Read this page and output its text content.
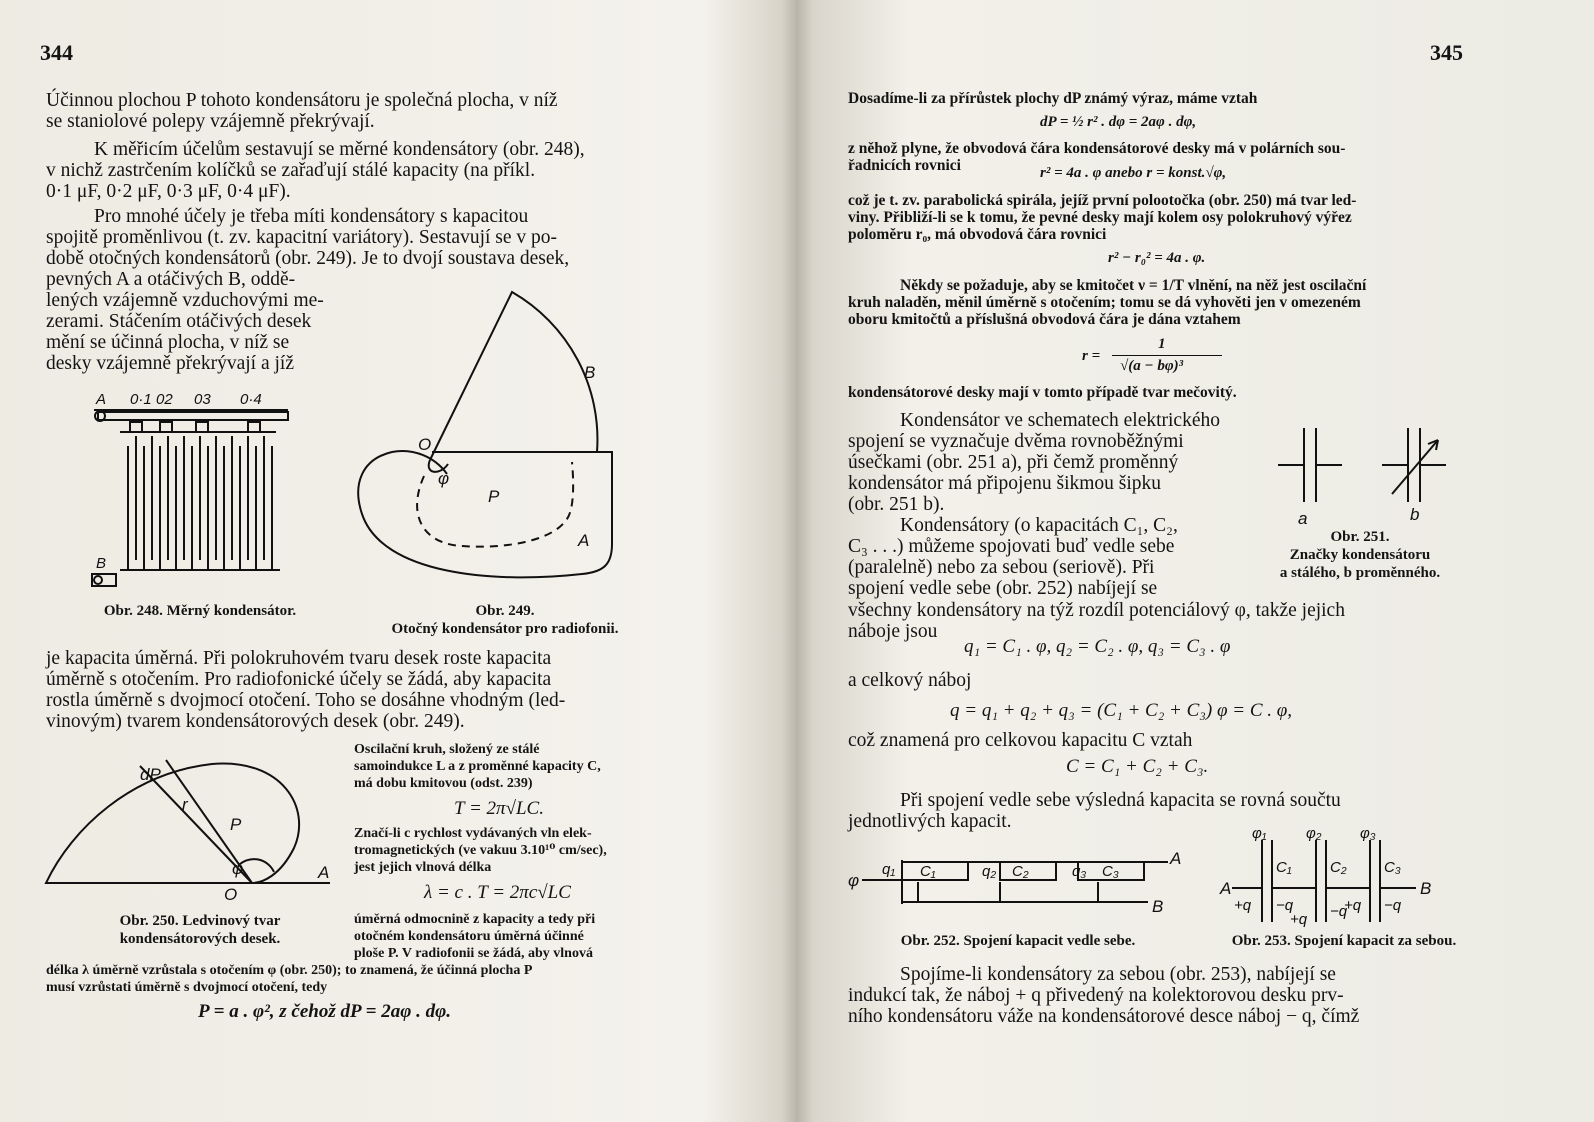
344
Účinnou plochou P tohoto kondensátoru je společná plocha, v níž
se staniolové polepy vzájemně překrývají.
K měřicím účelům sestavují se měrné kondensátory (obr. 248),
v nichž zastrčením kolíčků se zařaďují stálé kapacity (na příkl.
0·1 μF, 0·2 μF, 0·3 μF, 0·4 μF).
Pro mnohé účely je třeba míti kondensátory s kapacitou
spojitě proměnlivou (t. zv. kapacitní variátory). Sestavují se v po-
době otočných kondensátorů (obr. 249). Je to dvojí soustava desek,
pevných A a otáčivých B, oddě-
lených vzájemně vzduchovými me-
zerami. Stáčením otáčivých desek
mění se účinná plocha, v níž se
desky vzájemně překrývají a jíž
A 0·1 02 03 0·4
B
Obr. 248. Měrný kondensátor.
B
O
φ
P
A
Obr. 249.
Otočný kondensátor pro radiofonii.
je kapacita úměrná. Při polokruhovém tvaru desek roste kapacita
úměrně s otočením. Pro radiofonické účely se žádá, aby kapacita
rostla úměrně s dvojmocí otočení. Toho se dosáhne vhodným (led-
vinovým) tvarem kondensátorových desek (obr. 249).
dP
r
P
φ
O
A
Obr. 250. Ledvinový tvar
kondensátorových desek.
Oscilační kruh, složený ze stálé
samoindukce L a z proměnné kapacity C,
má dobu kmitovou (odst. 239)
T = 2π√LC.
Značí-li c rychlost vydávaných vln elek-
tromagnetických (ve vakuu 3.10¹⁰ cm/sec),
jest jejich vlnová délka
λ = c . T = 2πc√LC
úměrná odmocnině z kapacity a tedy při
otočném kondensátoru úměrná účinné
ploše P. V radiofonii se žádá, aby vlnová
délka λ úměrně vzrůstala s otočením φ (obr. 250); to znamená, že účinná plocha P
musí vzrůstati úměrně s dvojmocí otočení, tedy
P = a . φ², z čehož dP = 2aφ . dφ.
345
Dosadíme-li za přírůstek plochy dP známý výraz, máme vztah
dP = ½ r² . dφ = 2aφ . dφ,
z něhož plyne, že obvodová čára kondensátorové desky má v polárních sou-
řadnicích rovnici	r² = 4a . φ anebo r = konst.√φ,
což je t. zv. parabolická spirála, jejíž první polootočka (obr. 250) má tvar led-
viny. Přibliží-li se k tomu, že pevné desky mají kolem osy polokruhový výřez
poloměru r₀, má obvodová čára rovnici
r² − r₀² = 4a . φ.
Někdy se požaduje, aby se kmitočet ν = 1/T vlnění, na něž jest oscilační
kruh naladěn, měnil úměrně s otočením; tomu se dá vyhověti jen v omezeném
oboru kmitočtů a příslušná obvodová čára je dána vztahem
r =
1
√(a − bφ)³
kondensátorové desky mají v tomto případě tvar mečovitý.
Kondensátor ve schematech elektrického
spojení se vyznačuje dvěma rovnoběžnými
úsečkami (obr. 251 a), při čemž proměnný
kondensátor má připojenu šikmou šipku
(obr. 251 b).
Kondensátory (o kapacitách C₁, C₂,
C₃ . . .) můžeme spojovati buď vedle sebe
(paralelně) nebo za sebou (seriově). Při
spojení vedle sebe (obr. 252) nabíjejí se
a	b
Obr. 251.
Značky kondensátoru
a stálého, b proměnného.
všechny kondensátory na týž rozdíl potenciálový φ, takže jejich
náboje jsou
q₁ = C₁ . φ, q₂ = C₂ . φ, q₃ = C₃ . φ
a celkový náboj
q = q₁ + q₂ + q₃ = (C₁ + C₂ + C₃) φ = C . φ,
což znamená pro celkovou kapacitu C vztah
C = C₁ + C₂ + C₃.
Při spojení vedle sebe výsledná kapacita se rovná součtu
jednotlivých kapacit.
φ
q₁ C₁	q₂ C₂	q₃ C₃
A
B
Obr. 252. Spojení kapacit vedle sebe.
A	B
φ₁	φ₂	φ₃
C₁	C₂ C₃
+q −q
+q −q
+q −q
Obr. 253. Spojení kapacit za sebou.
Spojíme-li kondensátory za sebou (obr. 253), nabíjejí se
indukcí tak, že náboj + q přivedený na kolektorovou desku prv-
ního kondensátoru váže na kondensátorové desce náboj − q, čímž
